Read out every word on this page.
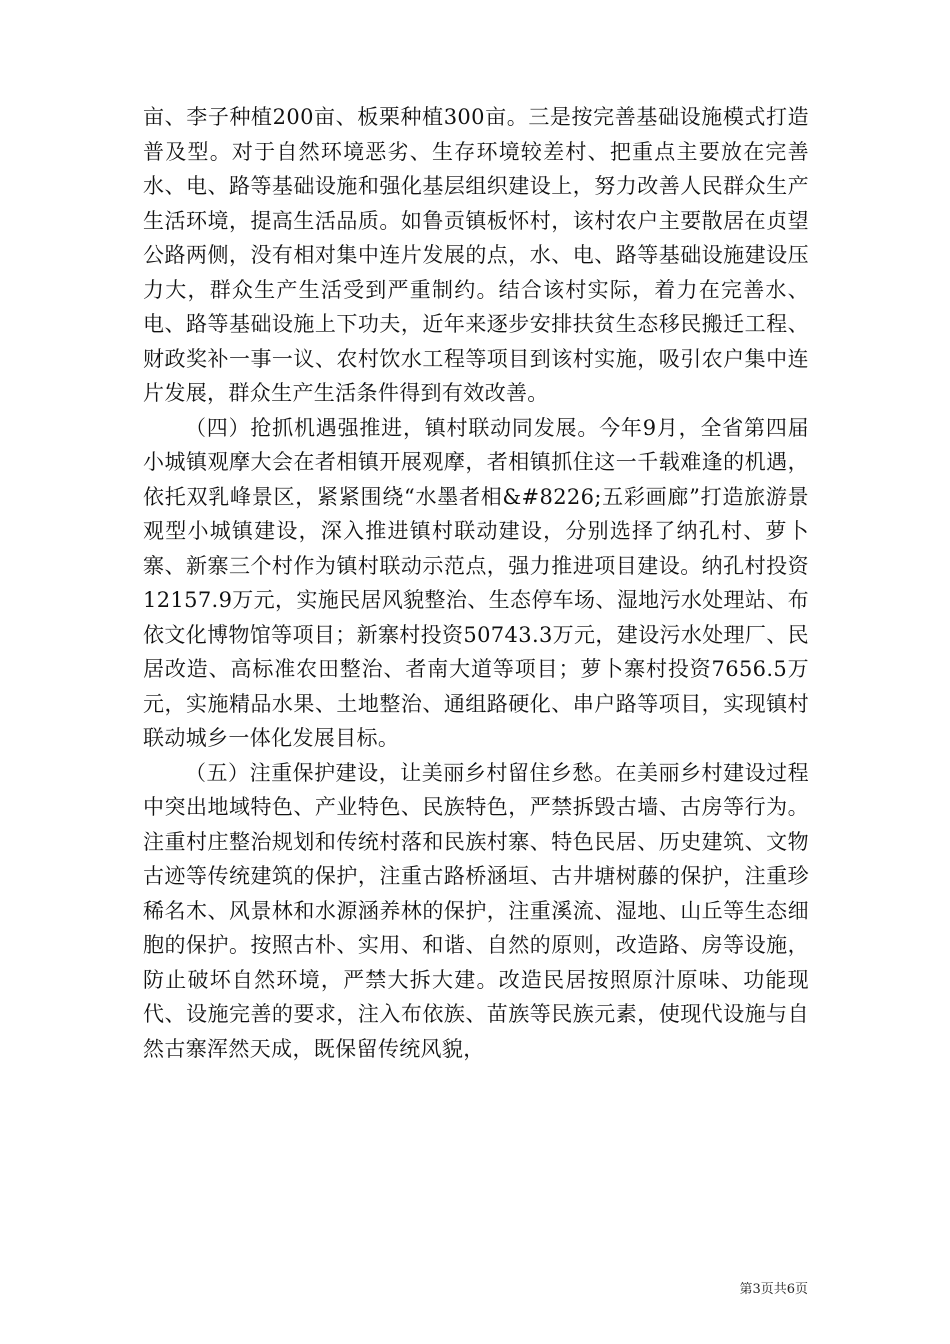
亩、李子种植200亩、板栗种植300亩。三是按完善基础设施模式打造普及型。对于自然环境恶劣、生存环境较差村、把重点主要放在完善水、电、路等基础设施和强化基层组织建设上，努力改善人民群众生产生活环境，提高生活品质。如鲁贡镇板怀村，该村农户主要散居在贞望公路两侧，没有相对集中连片发展的点，水、电、路等基础设施建设压力大，群众生产生活受到严重制约。结合该村实际，着力在完善水、电、路等基础设施上下功夫，近年来逐步安排扶贫生态移民搬迁工程、财政奖补一事一议、农村饮水工程等项目到该村实施，吸引农户集中连片发展，群众生产生活条件得到有效改善。

（四）抢抓机遇强推进，镇村联动同发展。今年9月，全省第四届小城镇观摩大会在者相镇开展观摩，者相镇抓住这一千载难逢的机遇，依托双乳峰景区，紧紧围绕“水墨者相&#8226;五彩画廊”打造旅游景观型小城镇建设，深入推进镇村联动建设，分别选择了纳孔村、萝卜寨、新寨三个村作为镇村联动示范点，强力推进项目建设。纳孔村投资12157.9万元，实施民居风貌整治、生态停车场、湿地污水处理站、布依文化博物馆等项目；新寨村投资50743.3万元，建设污水处理厂、民居改造、高标准农田整治、者南大道等项目；萝卜寨村投资7656.5万元，实施精品水果、土地整治、通组路硬化、串户路等项目，实现镇村联动城乡一体化发展目标。

（五）注重保护建设，让美丽乡村留住乡愁。在美丽乡村建设过程中突出地域特色、产业特色、民族特色，严禁拆毁古墙、古房等行为。注重村庄整治规划和传统村落和民族村寨、特色民居、历史建筑、文物古迹等传统建筑的保护，注重古路桥涵垣、古井塘树藤的保护，注重珍稀名木、风景林和水源涵养林的保护，注重溪流、湿地、山丘等生态细胞的保护。按照古朴、实用、和谐、自然的原则，改造路、房等设施，防止破坏自然环境，严禁大拆大建。改造民居按照原汁原味、功能现代、设施完善的要求，注入布依族、苗族等民族元素，使现代设施与自然古寨浑然天成，既保留传统风貌，

第3页共6页
